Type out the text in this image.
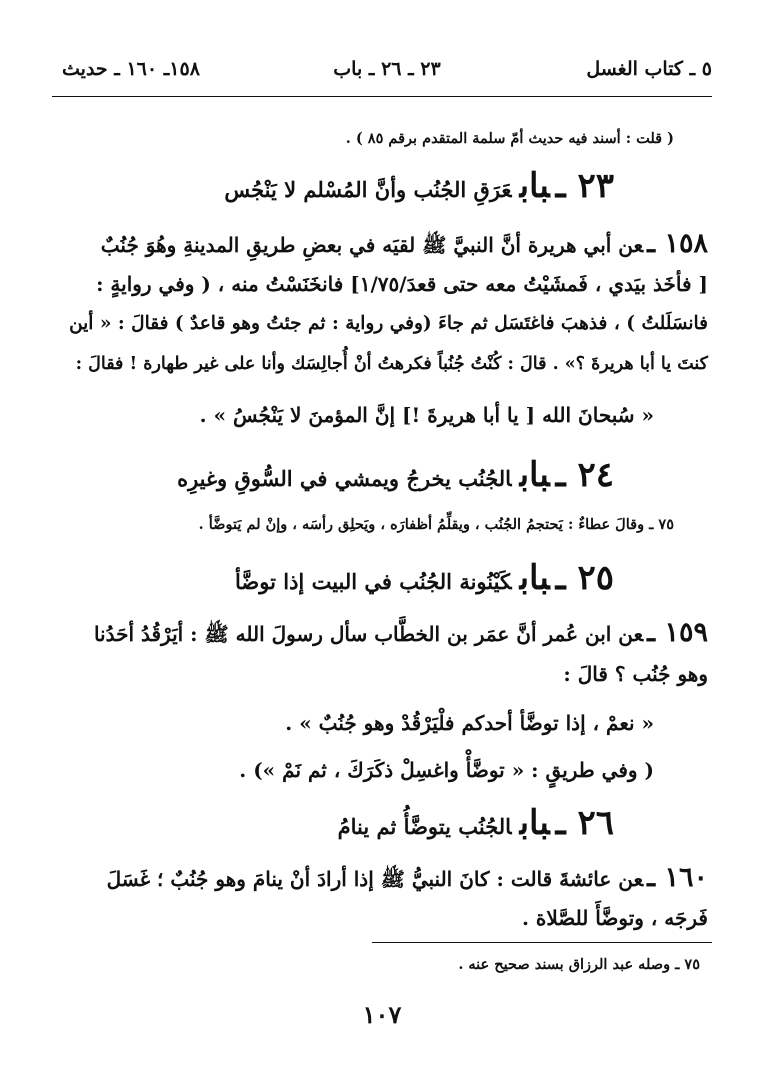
٥ ـ كتاب الغسل
٢٣ ـ ٢٦ ـ باب
١٥٨ـ ١٦٠ ـ حديث
( قلت : أسند فيه حديث أمّ سلمة المتقدم برقم ٨٥ ) .
٢٣ ـبابعَرَقِ الجُنُب وأنَّ المُسْلم لا يَنْجُس
١٥٨ ـعن أبي هريرة أنَّ النبيَّ ﷺ لقيَه في بعضِ طريقِ المدينةِ وهُوَ جُنُبٌ
[ فأخَذ بيَدي ، فَمشَيْتُ معه حتى قعدَ/١/٧٥] فانخَنَسْتُ منه ، ( وفي روايةٍ :
فانسَلَلتُ ) ، فذهبَ فاغتَسَل ثم جاءَ (وفي رواية : ثم جئتُ وهو قاعدٌ ) فقالَ : « أين
كنتَ يا أبا هريرةَ ؟» . قالَ : كُنْتُ جُنُباً فكرهتُ أنْ أُجالِسَك وأنا على غير طهارة ! فقالَ :
« سُبحانَ الله [ يا أبا هريرةَ !] إنَّ المؤمنَ لا يَنْجُسُ » .
٢٤ ـبابالجُنُب يخرجُ ويمشي في السُّوقِ وغيرِه
٧٥ ـ وقالَ عطاءٌ : يَحتجمُ الجُنُب ، ويقلِّمُ أظفارَه ، ويَحلِق رأسَه ، وإنْ لم يَتوضَّأ .
٢٥ ـبابكَيْنُونة الجُنُب في البيت إذا توضَّأ
١٥٩ ـعن ابن عُمر أنَّ عمَر بن الخطَّاب سأل رسولَ الله ﷺ : أيَرْقُدُ أحَدُنا
وهو جُنُب ؟ قالَ :
« نعمْ ، إذا توضَّأ أحدكم فلْيَرْقُدْ وهو جُنُبٌ » .
( وفي طريقٍ : « توضَّأْ واغسِلْ ذكَرَكَ ، ثم نَمْ ») .
٢٦ ـبابالجُنُب يتوضَّأُ ثم ينامُ
١٦٠ ـعن عائشةَ قالت : كانَ النبيُّ ﷺ إذا أرادَ أنْ ينامَ وهو جُنُبٌ ؛ غَسَلَ
فَرجَه ، وتوضَّأَ للصَّلاة .
٧٥ ـ وصله عبد الرزاق بسند صحيح عنه .
١٠٧
